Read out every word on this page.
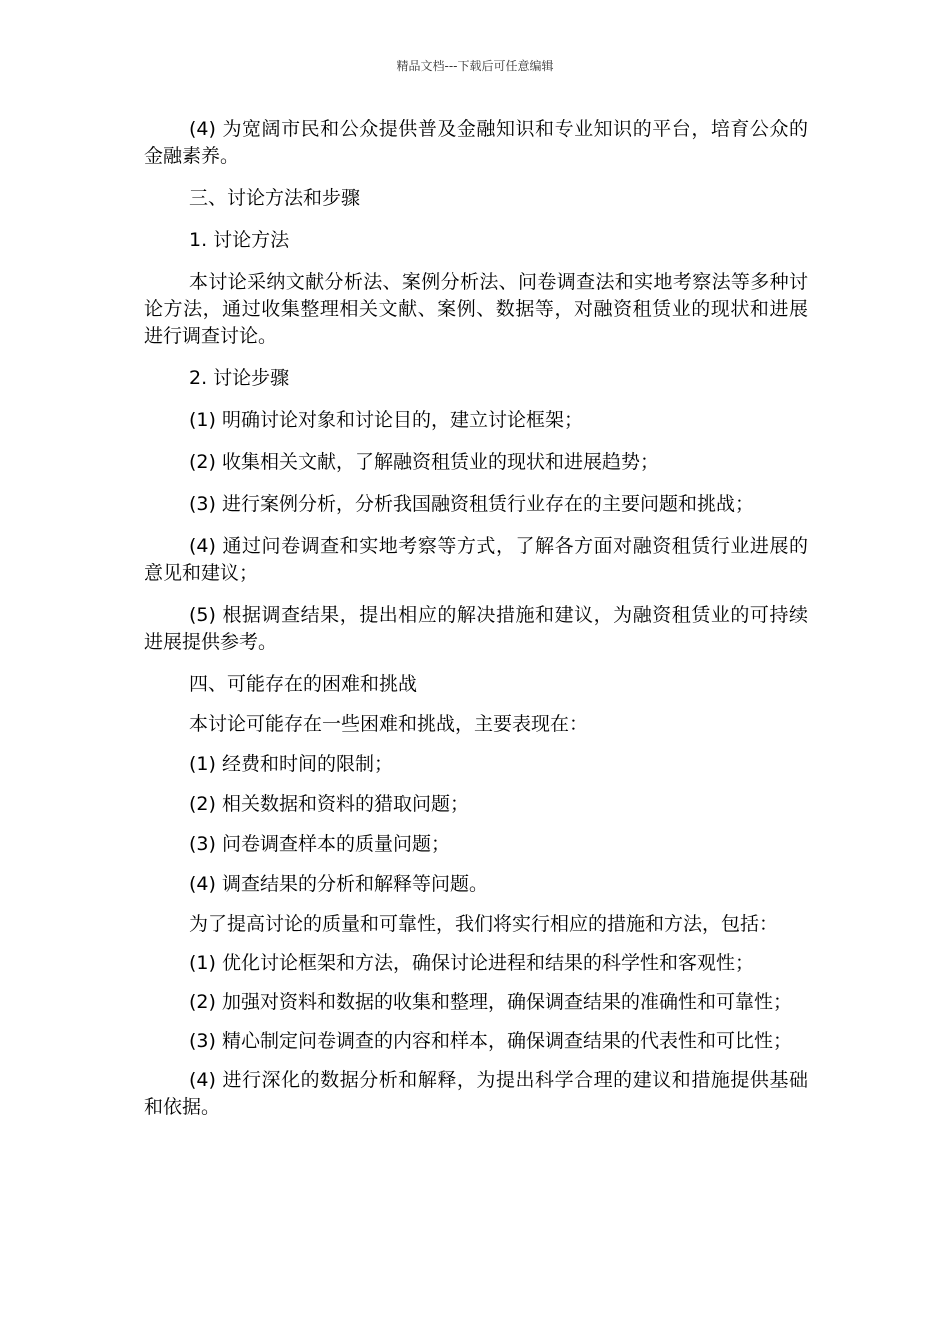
精品文档---下载后可任意编辑

(4) 为宽阔市民和公众提供普及金融知识和专业知识的平台，培育公众的金融素养。

三、讨论方法和步骤

1. 讨论方法

本讨论采纳文献分析法、案例分析法、问卷调查法和实地考察法等多种讨论方法，通过收集整理相关文献、案例、数据等，对融资租赁业的现状和进展进行调查讨论。

2. 讨论步骤

(1) 明确讨论对象和讨论目的，建立讨论框架；

(2) 收集相关文献，了解融资租赁业的现状和进展趋势；

(3) 进行案例分析，分析我国融资租赁行业存在的主要问题和挑战；

(4) 通过问卷调查和实地考察等方式，了解各方面对融资租赁行业进展的意见和建议；

(5) 根据调查结果，提出相应的解决措施和建议，为融资租赁业的可持续进展提供参考。

四、可能存在的困难和挑战

本讨论可能存在一些困难和挑战，主要表现在：

(1) 经费和时间的限制；

(2) 相关数据和资料的猎取问题；

(3) 问卷调查样本的质量问题；

(4) 调查结果的分析和解释等问题。

为了提高讨论的质量和可靠性，我们将实行相应的措施和方法，包括：

(1) 优化讨论框架和方法，确保讨论进程和结果的科学性和客观性；

(2) 加强对资料和数据的收集和整理，确保调查结果的准确性和可靠性；

(3) 精心制定问卷调查的内容和样本，确保调查结果的代表性和可比性；

(4) 进行深化的数据分析和解释，为提出科学合理的建议和措施提供基础和依据。
